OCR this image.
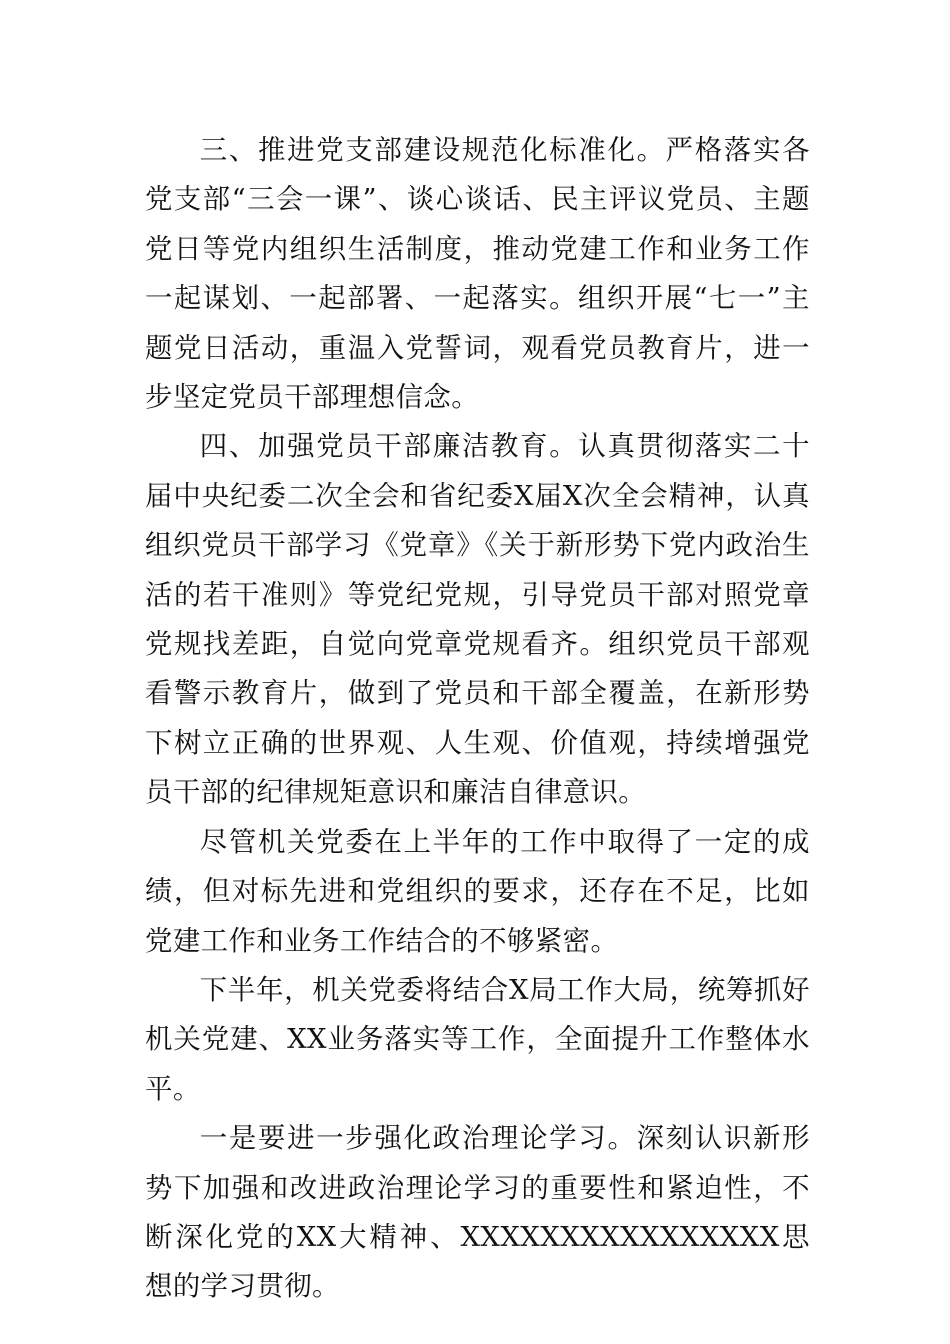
三、推进党支部建设规范化标准化。严格落实各党支部“三会一课”、谈心谈话、民主评议党员、主题党日等党内组织生活制度，推动党建工作和业务工作一起谋划、一起部署、一起落实。组织开展“七一”主题党日活动，重温入党誓词，观看党员教育片，进一步坚定党员干部理想信念。

四、加强党员干部廉洁教育。认真贯彻落实二十届中央纪委二次全会和省纪委X届X次全会精神，认真组织党员干部学习《党章》《关于新形势下党内政治生活的若干准则》等党纪党规，引导党员干部对照党章党规找差距，自觉向党章党规看齐。组织党员干部观看警示教育片，做到了党员和干部全覆盖，在新形势下树立正确的世界观、人生观、价值观，持续增强党员干部的纪律规矩意识和廉洁自律意识。

尽管机关党委在上半年的工作中取得了一定的成绩，但对标先进和党组织的要求，还存在不足，比如党建工作和业务工作结合的不够紧密。

下半年，机关党委将结合X局工作大局，统筹抓好机关党建、XX业务落实等工作，全面提升工作整体水平。

一是要进一步强化政治理论学习。深刻认识新形势下加强和改进政治理论学习的重要性和紧迫性，不断深化党的XX大精神、XXXXXXXXXXXXXXXX思想的学习贯彻。
